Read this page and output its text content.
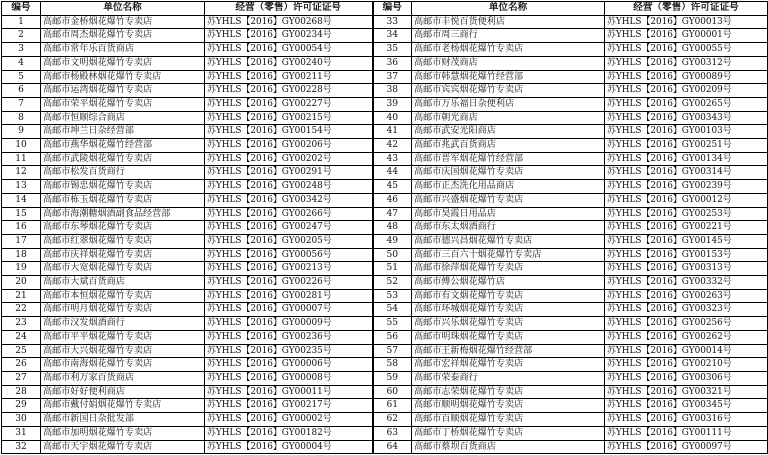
编号	单位名称	经营（零售）许可证证号	编号	单位名称	经营（零售）许可证证号
1	高邮市金桥烟花爆竹专卖店	苏YHLS【2016】GY00268号	33	高邮市丰悦百货便利店	苏YHLS【2016】GY00013号
2	高邮市周杰烟花爆竹专卖店	苏YHLS【2016】GY00234号	34	高邮市周三商行	苏YHLS【2016】GY00001号
3	高邮市常年乐百货商店	苏YHLS【2016】GY00054号	35	高邮市老杨烟花爆竹专卖店	苏YHLS【2016】GY00055号
4	高邮市文明烟花爆竹专卖店	苏YHLS【2016】GY00240号	36	高邮市财茂商店	苏YHLS【2016】GY00312号
5	高邮市杨殿林烟花爆竹专卖店	苏YHLS【2016】GY00211号	37	高邮市韩慧烟花爆竹经营部	苏YHLS【2016】GY00089号
6	高邮市运湾烟花爆竹专卖店	苏YHLS【2016】GY00228号	38	高邮市宾宾烟花爆竹专卖店	苏YHLS【2016】GY00209号
7	高邮市荣平烟花爆竹专卖店	苏YHLS【2016】GY00227号	39	高邮市万乐福日杂便利店	苏YHLS【2016】GY00265号
8	高邮市恒顺综合商店	苏YHLS【2016】GY00215号	40	高邮市朝光商店	苏YHLS【2016】GY00343号
9	高邮市坤兰日杂经营部	苏YHLS【2016】GY00154号	41	高邮市武安光阳商店	苏YHLS【2016】GY00103号
10	高邮市燕华烟花爆竹经营部	苏YHLS【2016】GY00206号	42	高邮市兆武百货商店	苏YHLS【2016】GY00251号
11	高邮市武陵烟花爆竹专卖店	苏YHLS【2016】GY00202号	43	高邮市晋军烟花爆竹经营部	苏YHLS【2016】GY00134号
12	高邮市松发百货商行	苏YHLS【2016】GY00291号	44	高邮市庆国烟花爆竹专卖店	苏YHLS【2016】GY00314号
13	高邮市锡忠烟花爆竹专卖店	苏YHLS【2016】GY00248号	45	高邮市正杰洗化用品商店	苏YHLS【2016】GY00239号
14	高邮市栋玉烟花爆竹专卖店	苏YHLS【2016】GY00342号	46	高邮市兴盛烟花爆竹专卖店	苏YHLS【2016】GY00012号
15	高邮市海潮糖烟酒副食品经营部	苏YHLS【2016】GY00266号	47	高邮市昊霞日用品店	苏YHLS【2016】GY00253号
16	高邮市东琴烟花爆竹专卖店	苏YHLS【2016】GY00247号	48	高邮市东太烟酒商行	苏YHLS【2016】GY00221号
17	高邮市红翠烟花爆竹专卖店	苏YHLS【2016】GY00205号	49	高邮市德兴昌烟花爆竹专卖店	苏YHLS【2016】GY00145号
18	高邮市庆祥烟花爆竹专卖店	苏YHLS【2016】GY00056号	50	高邮市三百六十烟花爆竹专卖店	苏YHLS【2016】GY00153号
19	高邮市大宽烟花爆竹专卖店	苏YHLS【2016】GY00213号	51	高邮市徐萍烟花爆竹专卖店	苏YHLS【2016】GY00313号
20	高邮市大斌百货商店	苏YHLS【2016】GY00226号	52	高邮市傅公烟花爆竹店	苏YHLS【2016】GY00332号
21	高邮市本恒烟花爆竹专卖店	苏YHLS【2016】GY00281号	53	高邮市有文烟花爆竹专卖店	苏YHLS【2016】GY00263号
22	高邮市明月烟花爆竹专卖店	苏YHLS【2016】GY00007号	54	高邮市环城烟花爆竹专卖店	苏YHLS【2016】GY00323号
23	高邮市汉发烟酒商行	苏YHLS【2016】GY00009号	55	高邮市兴乐烟花爆竹专卖店	苏YHLS【2016】GY00256号
24	高邮市平平烟花爆竹专卖店	苏YHLS【2016】GY00236号	56	高邮市明珠烟花爆竹专卖店	苏YHLS【2016】GY00262号
25	高邮市大兴烟花爆竹专卖店	苏YHLS【2016】GY00235号	57	高邮市王新梅烟花爆竹经营部	苏YHLS【2016】GY00014号
26	高邮市南海烟花爆竹专卖店	苏YHLS【2016】GY00006号	58	高邮市宏祥烟花爆竹专卖店	苏YHLS【2016】GY00210号
27	高邮市利万家百货商店	苏YHLS【2016】GY00008号	59	高邮市荣泰商行	苏YHLS【2016】GY00306号
28	高邮市好好便利商店	苏YHLS【2016】GY00011号	60	高邮市志荣烟花爆竹专卖店	苏YHLS【2016】GY00321号
29	高邮市戴付娟烟花爆竹专卖店	苏YHLS【2016】GY00217号	61	高邮市顺明烟花爆竹专卖店	苏YHLS【2016】GY00345号
30	高邮市新国日杂批发部	苏YHLS【2016】GY00002号	62	高邮市百顺烟花爆竹专卖店	苏YHLS【2016】GY00316号
31	高邮市加明烟花爆竹专卖店	苏YHLS【2016】GY00182号	63	高邮市丁桥烟花爆竹专卖店	苏YHLS【2016】GY00111号
32	高邮市天宇烟花爆竹专卖店	苏YHLS【2016】GY00004号	64	高邮市蔡坝百货商店	苏YHLS【2016】GY00097号
